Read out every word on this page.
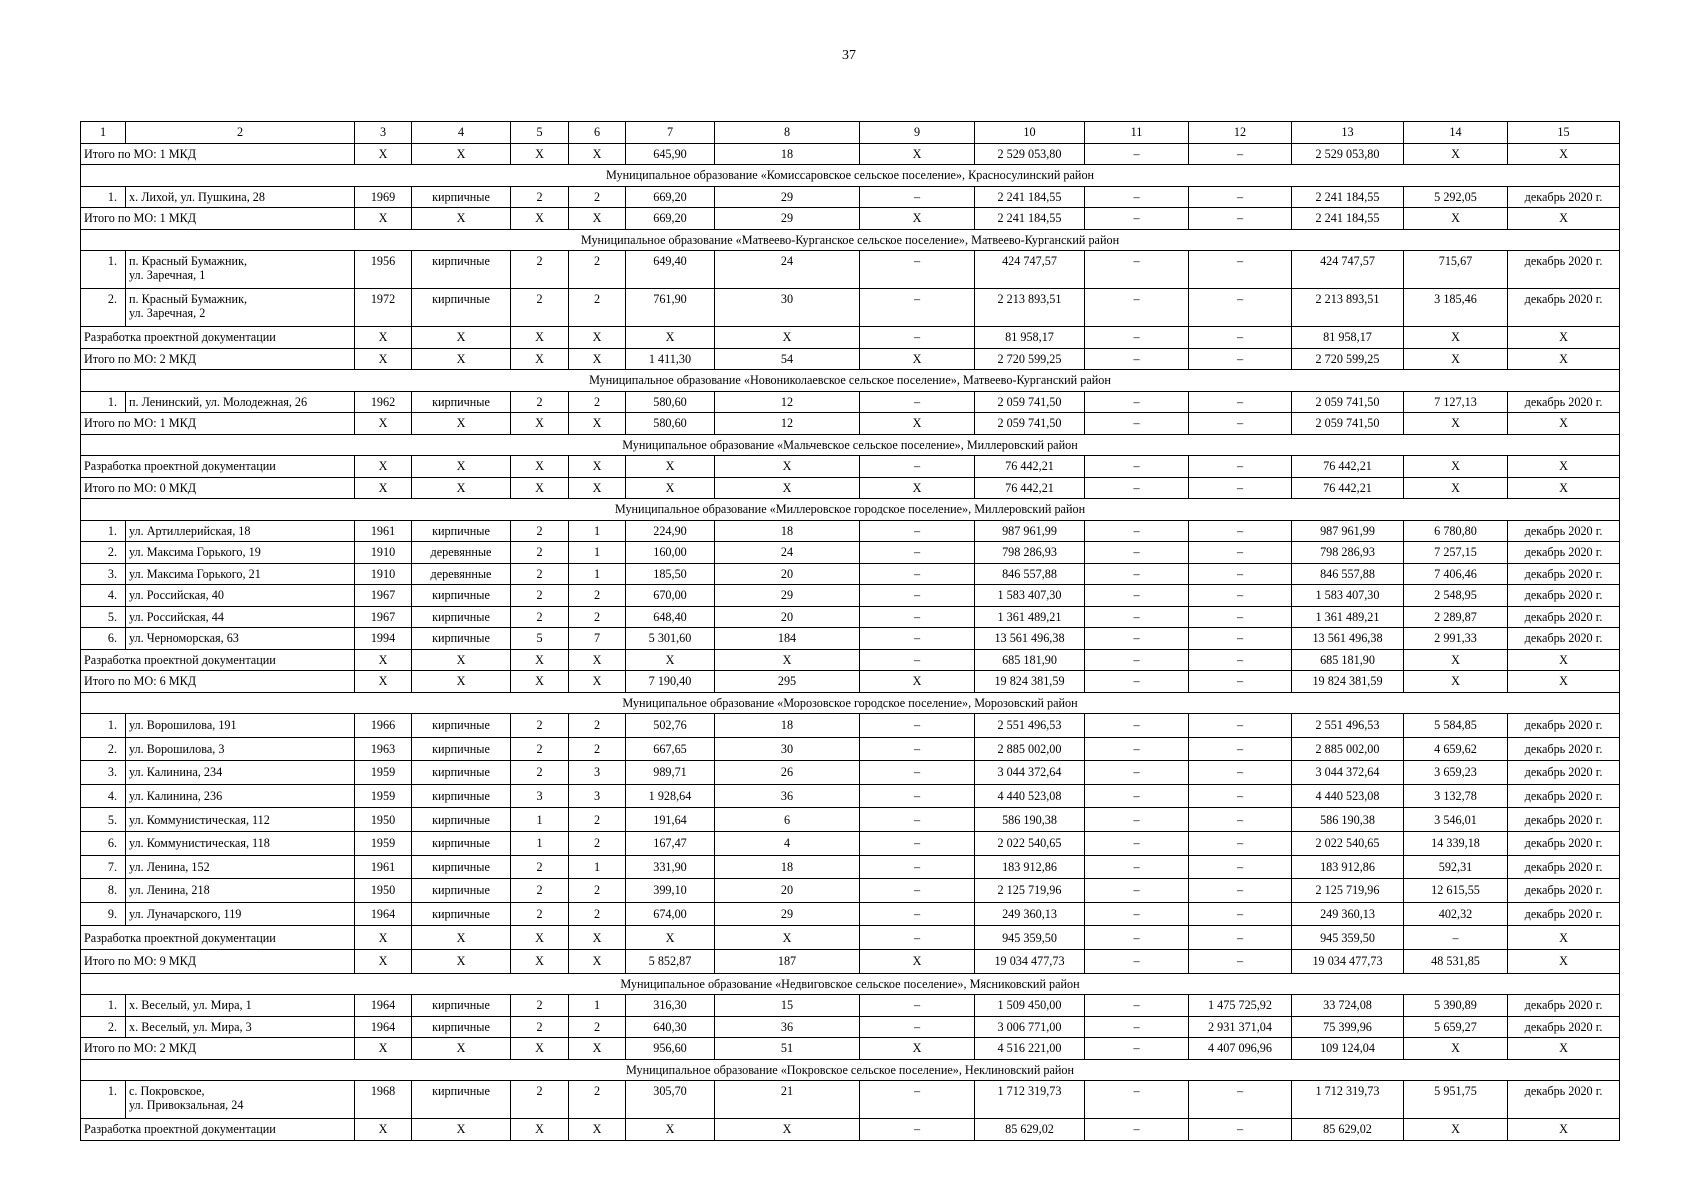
37
1	2	3	4	5	6	7	8	9	10	11	12	13	14	15
Итого по МО: 1 МКД		X	X	X	X	645,90	18	X	2 529 053,80	–	–	2 529 053,80	X	X
Муниципальное образование «Комиссаровское сельское поселение», Красносулинский район														
1.	х. Лихой, ул. Пушкина, 28	1969	кирпичные	2	2	669,20	29	–	2 241 184,55	–	–	2 241 184,55	5 292,05	декабрь 2020 г.
Итого по МО: 1 МКД		X	X	X	X	669,20	29	X	2 241 184,55	–	–	2 241 184,55	X	X
Муниципальное образование «Матвеево-Курганское сельское поселение», Матвеево-Курганский район														
1.	п. Красный Бумажник,
ул. Заречная, 1	1956	кирпичные	2	2	649,40	24	–	424 747,57	–	–	424 747,57	715,67	декабрь 2020 г.
2.	п. Красный Бумажник,
ул. Заречная, 2	1972	кирпичные	2	2	761,90	30	–	2 213 893,51	–	–	2 213 893,51	3 185,46	декабрь 2020 г.
Разработка проектной документации		X	X	X	X	X	X	–	81 958,17	–	–	81 958,17	X	X
Итого по МО: 2 МКД		X	X	X	X	1 411,30	54	X	2 720 599,25	–	–	2 720 599,25	X	X
Муниципальное образование «Новониколаевское сельское поселение», Матвеево-Курганский район														
1.	п. Ленинский, ул. Молодежная, 26	1962	кирпичные	2	2	580,60	12	–	2 059 741,50	–	–	2 059 741,50	7 127,13	декабрь 2020 г.
Итого по МО: 1 МКД		X	X	X	X	580,60	12	X	2 059 741,50	–	–	2 059 741,50	X	X
Муниципальное образование «Мальчевское сельское поселение», Миллеровский район														
Разработка проектной документации		X	X	X	X	X	X	–	76 442,21	–	–	76 442,21	X	X
Итого по МО: 0 МКД		X	X	X	X	X	X	X	76 442,21	–	–	76 442,21	X	X
Муниципальное образование «Миллеровское городское поселение», Миллеровский район														
1.	ул. Артиллерийская, 18	1961	кирпичные	2	1	224,90	18	–	987 961,99	–	–	987 961,99	6 780,80	декабрь 2020 г.
2.	ул. Максима Горького, 19	1910	деревянные	2	1	160,00	24	–	798 286,93	–	–	798 286,93	7 257,15	декабрь 2020 г.
3.	ул. Максима Горького, 21	1910	деревянные	2	1	185,50	20	–	846 557,88	–	–	846 557,88	7 406,46	декабрь 2020 г.
4.	ул. Российская, 40	1967	кирпичные	2	2	670,00	29	–	1 583 407,30	–	–	1 583 407,30	2 548,95	декабрь 2020 г.
5.	ул. Российская, 44	1967	кирпичные	2	2	648,40	20	–	1 361 489,21	–	–	1 361 489,21	2 289,87	декабрь 2020 г.
6.	ул. Черноморская, 63	1994	кирпичные	5	7	5 301,60	184	–	13 561 496,38	–	–	13 561 496,38	2 991,33	декабрь 2020 г.
Разработка проектной документации		X	X	X	X	X	X	–	685 181,90	–	–	685 181,90	X	X
Итого по МО: 6 МКД		X	X	X	X	7 190,40	295	X	19 824 381,59	–	–	19 824 381,59	X	X
Муниципальное образование «Морозовское городское поселение», Морозовский район														
1.	ул. Ворошилова, 191	1966	кирпичные	2	2	502,76	18	–	2 551 496,53	–	–	2 551 496,53	5 584,85	декабрь 2020 г.
2.	ул. Ворошилова, 3	1963	кирпичные	2	2	667,65	30	–	2 885 002,00	–	–	2 885 002,00	4 659,62	декабрь 2020 г.
3.	ул. Калинина, 234	1959	кирпичные	2	3	989,71	26	–	3 044 372,64	–	–	3 044 372,64	3 659,23	декабрь 2020 г.
4.	ул. Калинина, 236	1959	кирпичные	3	3	1 928,64	36	–	4 440 523,08	–	–	4 440 523,08	3 132,78	декабрь 2020 г.
5.	ул. Коммунистическая, 112	1950	кирпичные	1	2	191,64	6	–	586 190,38	–	–	586 190,38	3 546,01	декабрь 2020 г.
6.	ул. Коммунистическая, 118	1959	кирпичные	1	2	167,47	4	–	2 022 540,65	–	–	2 022 540,65	14 339,18	декабрь 2020 г.
7.	ул. Ленина, 152	1961	кирпичные	2	1	331,90	18	–	183 912,86	–	–	183 912,86	592,31	декабрь 2020 г.
8.	ул. Ленина, 218	1950	кирпичные	2	2	399,10	20	–	2 125 719,96	–	–	2 125 719,96	12 615,55	декабрь 2020 г.
9.	ул. Луначарского, 119	1964	кирпичные	2	2	674,00	29	–	249 360,13	–	–	249 360,13	402,32	декабрь 2020 г.
Разработка проектной документации		X	X	X	X	X	X	–	945 359,50	–	–	945 359,50	–	X
Итого по МО: 9 МКД		X	X	X	X	5 852,87	187	X	19 034 477,73	–	–	19 034 477,73	48 531,85	X
Муниципальное образование «Недвиговское сельское поселение», Мясниковский район														
1.	х. Веселый, ул. Мира, 1	1964	кирпичные	2	1	316,30	15	–	1 509 450,00	–	1 475 725,92	33 724,08	5 390,89	декабрь 2020 г.
2.	х. Веселый, ул. Мира, 3	1964	кирпичные	2	2	640,30	36	–	3 006 771,00	–	2 931 371,04	75 399,96	5 659,27	декабрь 2020 г.
Итого по МО: 2 МКД		X	X	X	X	956,60	51	X	4 516 221,00	–	4 407 096,96	109 124,04	X	X
Муниципальное образование «Покровское сельское поселение», Неклиновский район														
1.	с. Покровское,
ул. Привокзальная, 24	1968	кирпичные	2	2	305,70	21	–	1 712 319,73	–	–	1 712 319,73	5 951,75	декабрь 2020 г.
Разработка проектной документации		X	X	X	X	X	X	–	85 629,02	–	–	85 629,02	X	X
